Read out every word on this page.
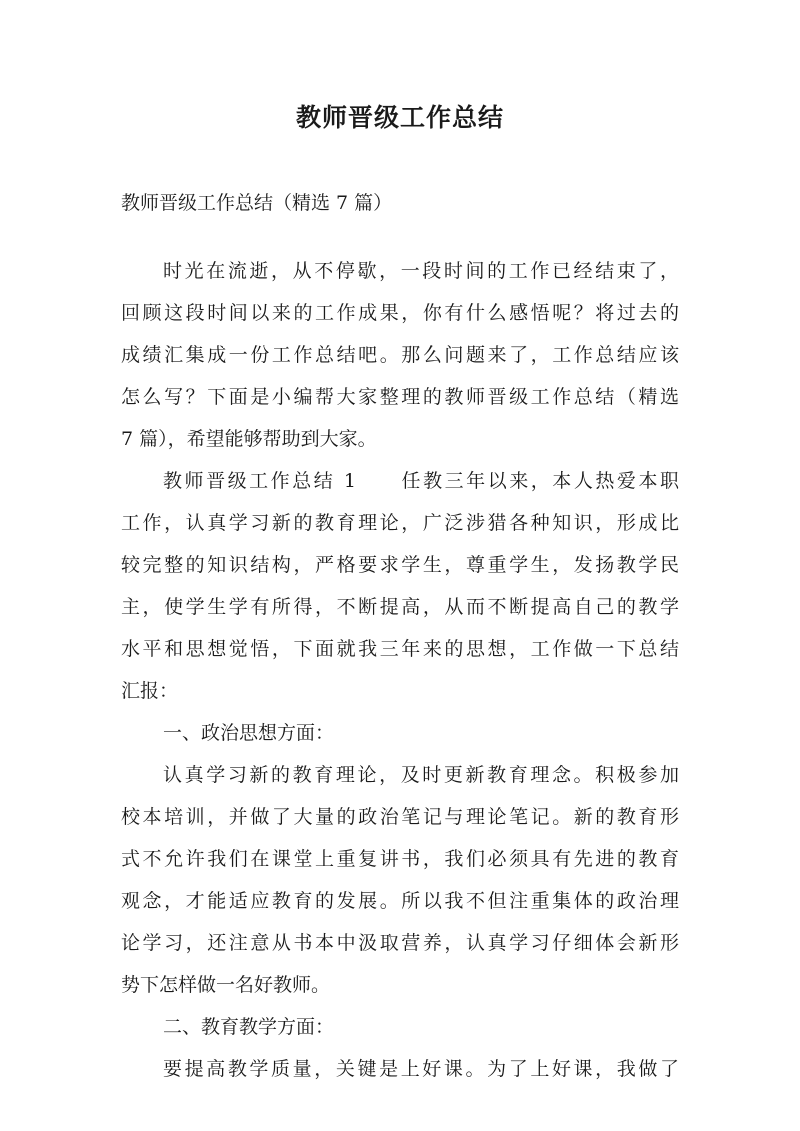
教师晋级工作总结

教师晋级工作总结（精选 7 篇）

时光在流逝，从不停歇，一段时间的工作已经结束了，

回顾这段时间以来的工作成果，你有什么感悟呢？将过去的

成绩汇集成一份工作总结吧。那么问题来了，工作总结应该

怎么写？下面是小编帮大家整理的教师晋级工作总结（精选

7 篇），希望能够帮助到大家。

教师晋级工作总结 1　　任教三年以来，本人热爱本职

工作，认真学习新的教育理论，广泛涉猎各种知识，形成比

较完整的知识结构，严格要求学生，尊重学生，发扬教学民

主，使学生学有所得，不断提高，从而不断提高自己的教学

水平和思想觉悟，下面就我三年来的思想，工作做一下总结

汇报：

一、政治思想方面：

认真学习新的教育理论，及时更新教育理念。积极参加

校本培训，并做了大量的政治笔记与理论笔记。新的教育形

式不允许我们在课堂上重复讲书，我们必须具有先进的教育

观念，才能适应教育的发展。所以我不但注重集体的政治理

论学习，还注意从书本中汲取营养，认真学习仔细体会新形

势下怎样做一名好教师。

二、教育教学方面：

要提高教学质量，关键是上好课。为了上好课，我做了
